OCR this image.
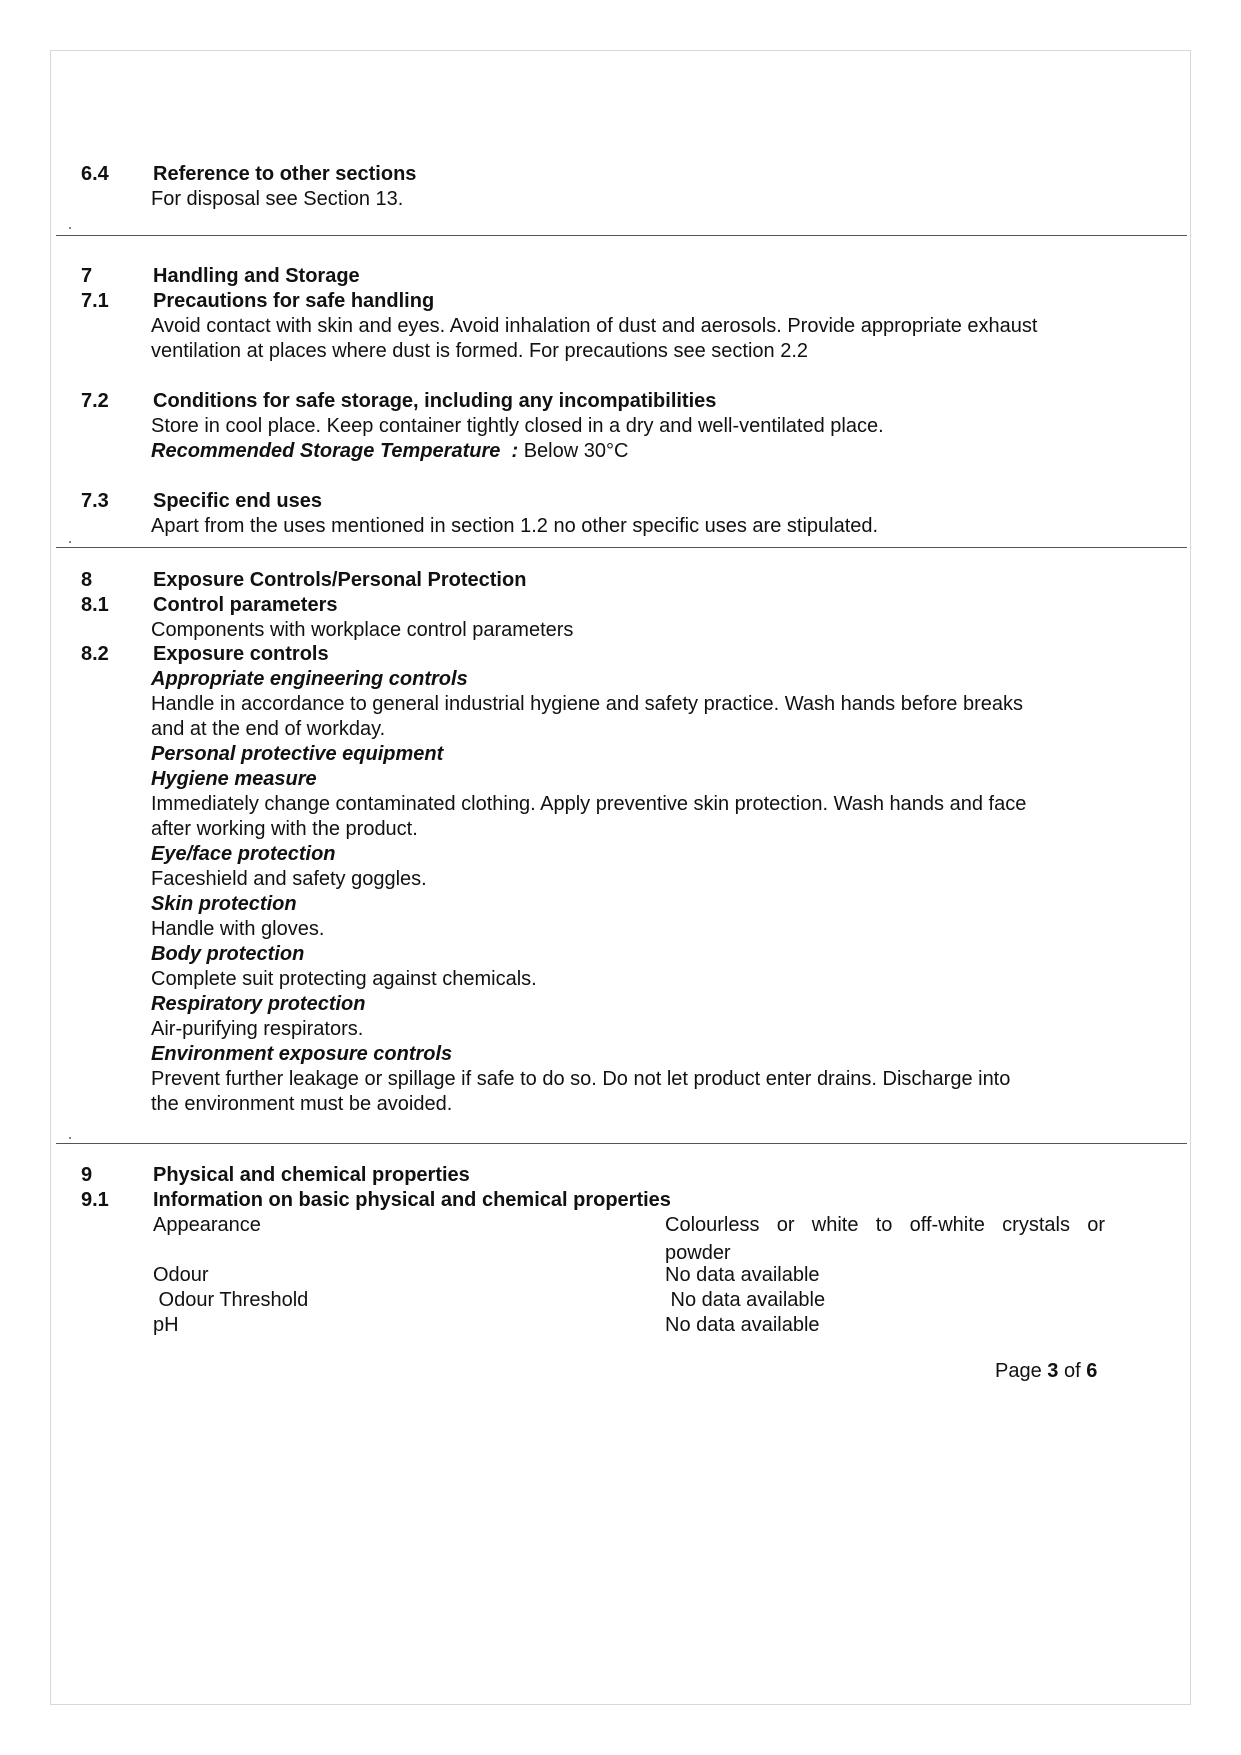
6.4 Reference to other sections
For disposal see Section 13.
7	Handling and Storage
7.1 Precautions for safe handling
Avoid contact with skin and eyes. Avoid inhalation of dust and aerosols. Provide appropriate exhaust
ventilation at places where dust is formed. For precautions see section 2.2
7.2 Conditions for safe storage, including any incompatibilities
Store in cool place. Keep container tightly closed in a dry and well-ventilated place.
Recommended Storage Temperature  : Below 30°C
7.3 Specific end uses
Apart from the uses mentioned in section 1.2 no other specific uses are stipulated.
8	Exposure Controls/Personal Protection
8.1 Control parameters
Components with workplace control parameters
8.2 Exposure controls
Appropriate engineering controls
Handle in accordance to general industrial hygiene and safety practice. Wash hands before breaks
and at the end of workday.
Personal protective equipment
Hygiene measure
Immediately change contaminated clothing. Apply preventive skin protection. Wash hands and face
after working with the product.
Eye/face protection
Faceshield and safety goggles.
Skin protection
Handle with gloves.
Body protection
Complete suit protecting against chemicals.
Respiratory protection
Air-purifying respirators.
Environment exposure controls
Prevent further leakage or spillage if safe to do so. Do not let product enter drains. Discharge into
the environment must be avoided.
9	Physical and chemical properties
9.1 Information on basic physical and chemical properties
Appearance	Colourless or white to off-white crystals or powder
Odour	No data available
Odour Threshold	No data available
pH	No data available
Page 3 of 6
